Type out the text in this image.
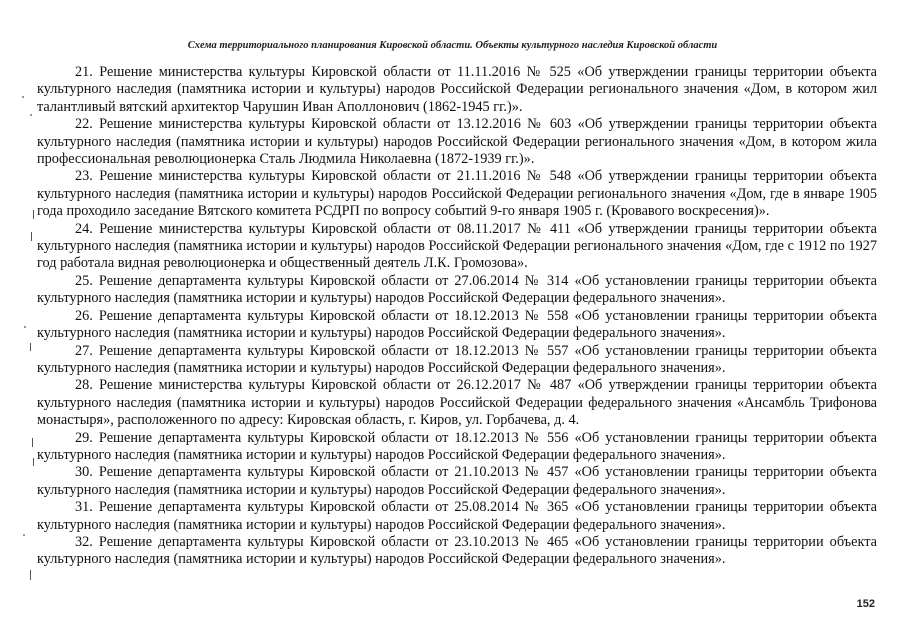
Схема территориального планирования Кировской области. Объекты культурного наследия Кировской области

21. Решение министерства культуры Кировской области от 11.11.2016 № 525 «Об утверждении границы территории объекта культурного наследия (памятника истории и культуры) народов Российской Федерации регионального значения «Дом, в котором жил талантливый вятский архитектор Чарушин Иван Аполлонович (1862-1945 гг.)».

22. Решение министерства культуры Кировской области от 13.12.2016 № 603 «Об утверждении границы территории объекта культурного наследия (памятника истории и культуры) народов Российской Федерации регионального значения «Дом, в котором жила профессиональная революционерка Сталь Людмила Николаевна (1872-1939 гг.)».

23. Решение министерства культуры Кировской области от 21.11.2016 № 548 «Об утверждении границы территории объекта культурного наследия (памятника истории и культуры) народов Российской Федерации регионального значения «Дом, где в январе 1905 года проходило заседание Вятского комитета РСДРП по вопросу событий 9-го января 1905 г. (Кровавого воскресения)».

24. Решение министерства культуры Кировской области от 08.11.2017 № 411 «Об утверждении границы территории объекта культурного наследия (памятника истории и культуры) народов Российской Федерации регионального значения «Дом, где с 1912 по 1927 год работала видная революционерка и общественный деятель Л.К. Громозова».

25. Решение департамента культуры Кировской области от 27.06.2014 № 314 «Об установлении границы территории объекта культурного наследия (памятника истории и культуры) народов Российской Федерации федерального значения».

26. Решение департамента культуры Кировской области от 18.12.2013 № 558 «Об установлении границы территории объекта культурного наследия (памятника истории и культуры) народов Российской Федерации федерального значения».

27. Решение департамента культуры Кировской области от 18.12.2013 № 557 «Об установлении границы территории объекта культурного наследия (памятника истории и культуры) народов Российской Федерации федерального значения».

28. Решение министерства культуры Кировской области от 26.12.2017 № 487 «Об утверждении границы территории объекта культурного наследия (памятника истории и культуры) народов Российской Федерации федерального значения «Ансамбль Трифонова монастыря», расположенного по адресу: Кировская область, г. Киров, ул. Горбачева, д. 4.

29. Решение департамента культуры Кировской области от 18.12.2013 № 556 «Об установлении границы территории объекта культурного наследия (памятника истории и культуры) народов Российской Федерации федерального значения».

30. Решение департамента культуры Кировской области от 21.10.2013 № 457 «Об установлении границы территории объекта культурного наследия (памятника истории и культуры) народов Российской Федерации федерального значения».

31. Решение департамента культуры Кировской области от 25.08.2014 № 365 «Об установлении границы территории объекта культурного наследия (памятника истории и культуры) народов Российской Федерации федерального значения».

32. Решение департамента культуры Кировской области от 23.10.2013 № 465 «Об установлении границы территории объекта культурного наследия (памятника истории и культуры) народов Российской Федерации федерального значения».

152
